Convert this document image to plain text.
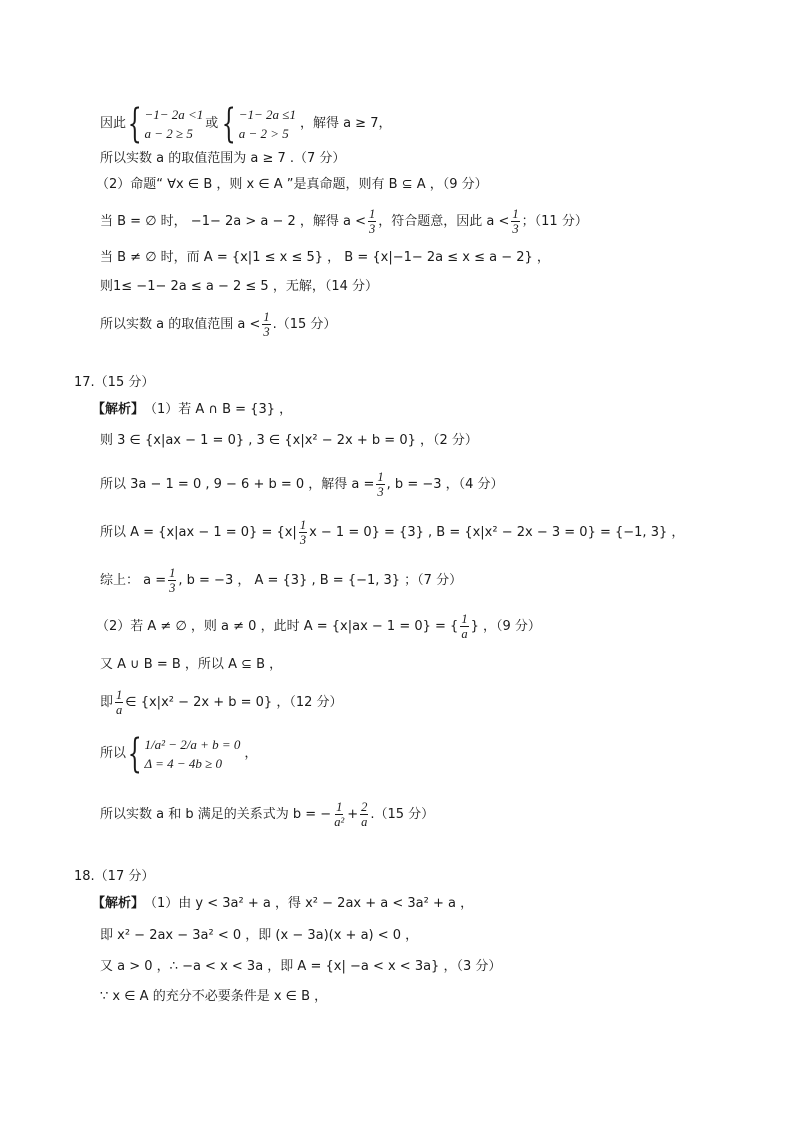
因此 { −1− 2a <1
a − 2 ≥ 5
或 { −1− 2a ≤1
a − 2 > 5
，解得 a ≥ 7，
所以实数 a 的取值范围为 a ≥ 7 .（7 分）
（2）命题“ ∀x ∈ B ，则 x ∈ A ”是真命题，则有 B ⊆ A ，（9 分）
当 B = ∅ 时， −1− 2a > a − 2 ，解得 $a < \frac{1}{3}$ ，符合题意，因此 $a < \frac{1}{3}$ ；（11 分）
当 B ≠ ∅ 时，而 A = {x|1 ≤ x ≤ 5} ， B = {x|−1− 2a ≤ x ≤ a − 2} ，
则1≤ −1− 2a ≤ a − 2 ≤ 5 ，无解，（14 分）
所以实数 a 的取值范围 $a < \frac{1}{3} .(15$ 分）
17.（15 分）
【解析】 （1）若 A ∩ B = {3} ，
则 3 ∈ {x|ax − 1 = 0} , 3 ∈ {x|x² − 2x + b = 0} ，（2 分）
所以 3a − 1 = 0 , 9 − 6 + b = 0 ，解得 $a = \frac{1}{3}$ , b = −3 ，（4 分）
所以 $A = \{x|ax - 1 = 0\} = \{x| \frac{1}{3}$ x − 1 = 0} = {3} , B = {x|x² − 2x − 3 = 0} = {−1, 3} ，
综上： $a = \frac{1}{3}$ , b = −3 ， A = {3} , B = {−1, 3} ；（7 分）
（2）若 A ≠ ∅ ，则 a ≠ 0 ，此时 A = {x|ax − 1 = 0} = { $\frac{1}{a}$ } ，（9 分）
又 A ∪ B = B ，所以 A ⊆ B ，
即 $\frac{1}{a}$ ∈ {x|x² − 2x + b = 0} ，（12 分）
所以 { 1/a² − 2/a + b = 0
Δ = 4 − 4b ≥ 0
，
所以实数 a 和 b 满足的关系式为 b = − $\frac{1}{\text{a²}} + \frac{2}{a} .(15$ 分）
18.（17 分）
【解析】 （1）由 y < 3a² + a ，得 x² − 2ax + a < 3a² + a ，
即 x² − 2ax − 3a² < 0 ，即 (x − 3a)(x + a) < 0 ，
又 a > 0 ，∴ −a < x < 3a ，即 A = {x| −a < x < 3a} ，（3 分）
∵ x ∈ A 的充分不必要条件是 x ∈ B ，
